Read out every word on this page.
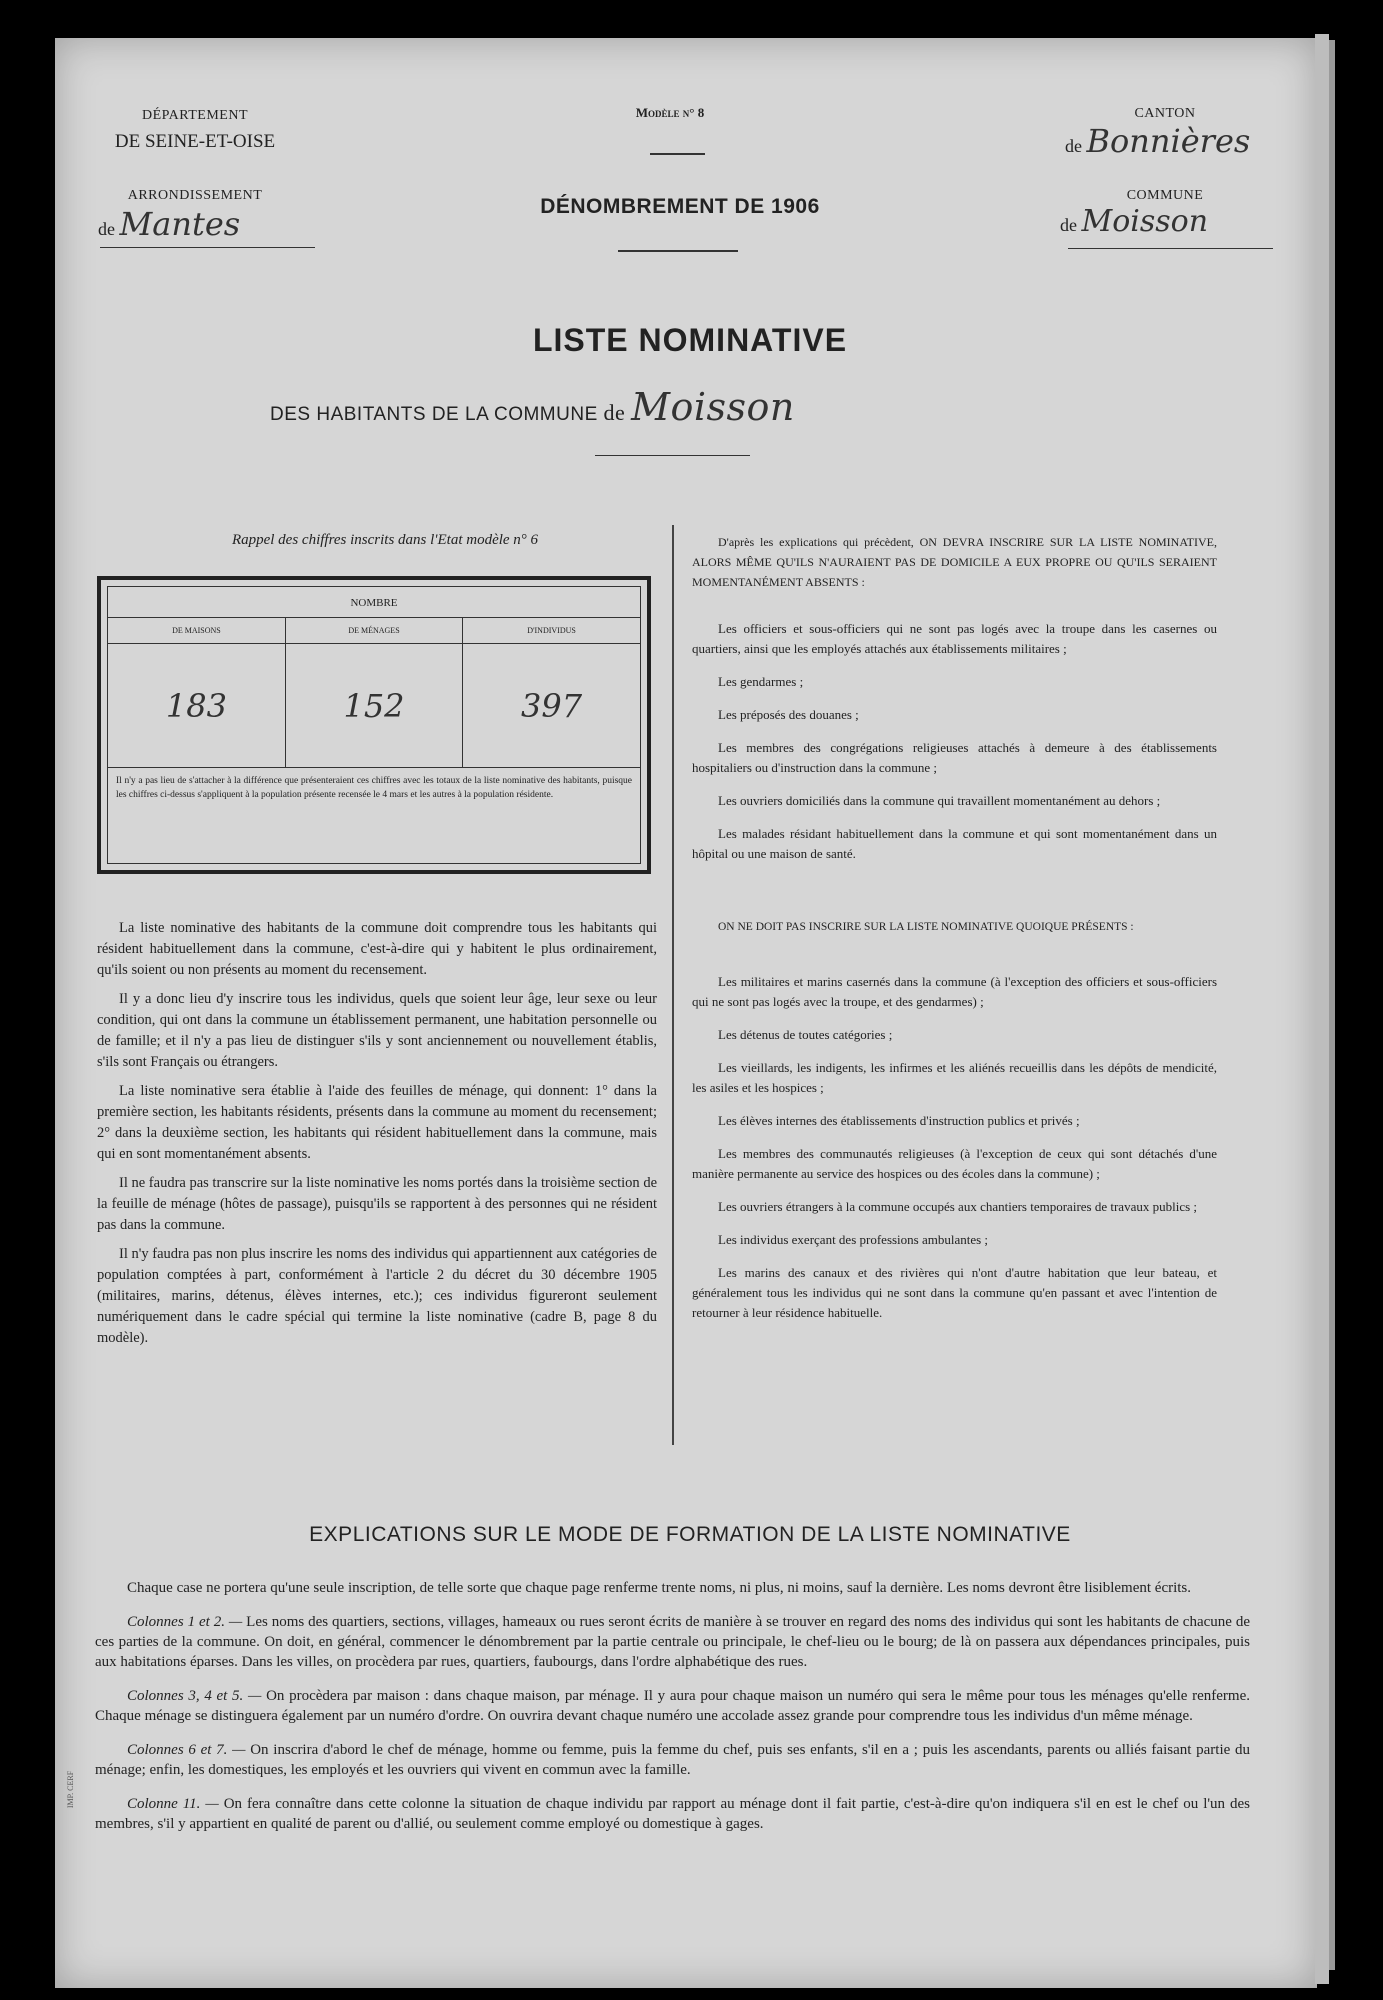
DÉPARTEMENT
DE SEINE-ET-OISE
ARRONDISSEMENT
de Mantes
Modèle n° 8
DÉNOMBREMENT DE 1906
CANTON
de Bonnières
COMMUNE
de Moisson
LISTE NOMINATIVE
DES HABITANTS DE LA COMMUNE de Moisson
Rappel des chiffres inscrits dans l'Etat modèle n° 6
NOMBRE		
DE MAISONS	DE MÉNAGES	D'INDIVIDUS
183	152	397
Il n'y a pas lieu de s'attacher à la différence que présenteraient ces chiffres avec les totaux de la liste nominative des habitants, puisque les chiffres ci-dessus s'appliquent à la population présente recensée le 4 mars et les autres à la population résidente.

La liste nominative des habitants de la commune doit comprendre tous les habitants qui résident habituellement dans la commune, c'est-à-dire qui y habitent le plus ordinairement, qu'ils soient ou non présents au moment du recensement.

Il y a donc lieu d'y inscrire tous les individus, quels que soient leur âge, leur sexe ou leur condition, qui ont dans la commune un établissement permanent, une habitation personnelle ou de famille; et il n'y a pas lieu de distinguer s'ils y sont anciennement ou nouvellement établis, s'ils sont Français ou étrangers.

La liste nominative sera établie à l'aide des feuilles de ménage, qui donnent: 1° dans la première section, les habitants résidents, présents dans la commune au moment du recensement; 2° dans la deuxième section, les habitants qui résident habituellement dans la commune, mais qui en sont momentanément absents.

Il ne faudra pas transcrire sur la liste nominative les noms portés dans la troisième section de la feuille de ménage (hôtes de passage), puisqu'ils se rapportent à des personnes qui ne résident pas dans la commune.

Il n'y faudra pas non plus inscrire les noms des individus qui appartiennent aux catégories de population comptées à part, conformément à l'article 2 du décret du 30 décembre 1905 (militaires, marins, détenus, élèves internes, etc.); ces individus figureront seulement numériquement dans le cadre spécial qui termine la liste nominative (cadre B, page 8 du modèle).

D'après les explications qui précèdent, ON DEVRA INSCRIRE SUR LA LISTE NOMINATIVE, ALORS MÊME QU'ILS N'AURAIENT PAS DE DOMICILE A EUX PROPRE OU QU'ILS SERAIENT MOMENTANÉMENT ABSENTS :

Les officiers et sous-officiers qui ne sont pas logés avec la troupe dans les casernes ou quartiers, ainsi que les employés attachés aux établissements militaires ;

Les gendarmes ;

Les préposés des douanes ;

Les membres des congrégations religieuses attachés à demeure à des établissements hospitaliers ou d'instruction dans la commune ;

Les ouvriers domiciliés dans la commune qui travaillent momentanément au dehors ;

Les malades résidant habituellement dans la commune et qui sont momentanément dans un hôpital ou une maison de santé.

ON NE DOIT PAS INSCRIRE SUR LA LISTE NOMINATIVE QUOIQUE PRÉSENTS :

Les militaires et marins casernés dans la commune (à l'exception des officiers et sous-officiers qui ne sont pas logés avec la troupe, et des gendarmes) ;

Les détenus de toutes catégories ;

Les vieillards, les indigents, les infirmes et les aliénés recueillis dans les dépôts de mendicité, les asiles et les hospices ;

Les élèves internes des établissements d'instruction publics et privés ;

Les membres des communautés religieuses (à l'exception de ceux qui sont détachés d'une manière permanente au service des hospices ou des écoles dans la commune) ;

Les ouvriers étrangers à la commune occupés aux chantiers temporaires de travaux publics ;

Les individus exerçant des professions ambulantes ;

Les marins des canaux et des rivières qui n'ont d'autre habitation que leur bateau, et généralement tous les individus qui ne sont dans la commune qu'en passant et avec l'intention de retourner à leur résidence habituelle.

EXPLICATIONS SUR LE MODE DE FORMATION DE LA LISTE NOMINATIVE

Chaque case ne portera qu'une seule inscription, de telle sorte que chaque page renferme trente noms, ni plus, ni moins, sauf la dernière. Les noms devront être lisiblement écrits.

Colonnes 1 et 2. — Les noms des quartiers, sections, villages, hameaux ou rues seront écrits de manière à se trouver en regard des noms des individus qui sont les habitants de chacune de ces parties de la commune. On doit, en général, commencer le dénombrement par la partie centrale ou principale, le chef-lieu ou le bourg; de là on passera aux dépendances principales, puis aux habitations éparses. Dans les villes, on procèdera par rues, quartiers, faubourgs, dans l'ordre alphabétique des rues.

Colonnes 3, 4 et 5. — On procèdera par maison : dans chaque maison, par ménage. Il y aura pour chaque maison un numéro qui sera le même pour tous les ménages qu'elle renferme. Chaque ménage se distinguera également par un numéro d'ordre. On ouvrira devant chaque numéro une accolade assez grande pour comprendre tous les individus d'un même ménage.

Colonnes 6 et 7. — On inscrira d'abord le chef de ménage, homme ou femme, puis la femme du chef, puis ses enfants, s'il en a ; puis les ascendants, parents ou alliés faisant partie du ménage; enfin, les domestiques, les employés et les ouvriers qui vivent en commun avec la famille.

Colonne 11. — On fera connaître dans cette colonne la situation de chaque individu par rapport au ménage dont il fait partie, c'est-à-dire qu'on indiquera s'il en est le chef ou l'un des membres, s'il y appartient en qualité de parent ou d'allié, ou seulement comme employé ou domestique à gages.

IMP. CERF
